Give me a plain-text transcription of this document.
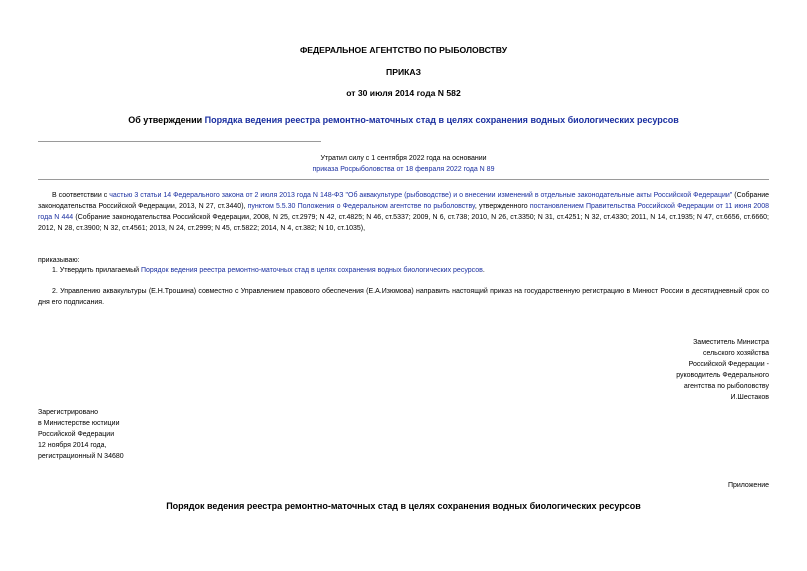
ФЕДЕРАЛЬНОЕ АГЕНТСТВО ПО РЫБОЛОВСТВУ
ПРИКАЗ
от 30 июля 2014 года N 582
Об утверждении Порядка ведения реестра ремонтно-маточных стад в целях сохранения водных биологических ресурсов
Утратил силу с 1 сентября 2022 года на основании
приказа Росрыболовства от 18 февраля 2022 года N 89
В соответствии с частью 3 статьи 14 Федерального закона от 2 июля 2013 года N 148-ФЗ "Об аквакультуре (рыбоводстве) и о внесении изменений в отдельные законодательные акты Российской Федерации" (Собрание законодательства Российской Федерации, 2013, N 27, ст.3440), пунктом 5.5.30 Положения о Федеральном агентстве по рыболовству, утвержденного постановлением Правительства Российской Федерации от 11 июня 2008 года N 444 (Собрание законодательства Российской Федерации, 2008, N 25, ст.2979; N 42, ст.4825; N 46, ст.5337; 2009, N 6, ст.738; 2010, N 26, ст.3350; N 31, ст.4251; N 32, ст.4330; 2011, N 14, ст.1935; N 47, ст.6656, ст.6660; 2012, N 28, ст.3900; N 32, ст.4561; 2013, N 24, ст.2999; N 45, ст.5822; 2014, N 4, ст.382; N 10, ст.1035),
приказываю:
1. Утвердить прилагаемый Порядок ведения реестра ремонтно-маточных стад в целях сохранения водных биологических ресурсов.
2. Управлению аквакультуры (Е.Н.Трошина) совместно с Управлением правового обеспечения (Е.А.Изюмова) направить настоящий приказ на государственную регистрацию в Минюст России в десятидневный срок со дня его подписания.
Заместитель Министра
сельского хозяйства
Российской Федерации -
руководитель Федерального
агентства по рыболовству
И.Шестаков
Зарегистрировано
в Министерстве юстиции
Российской Федерации
12 ноября 2014 года,
регистрационный N 34680
Приложение
Порядок ведения реестра ремонтно-маточных стад в целях сохранения водных биологических ресурсов
